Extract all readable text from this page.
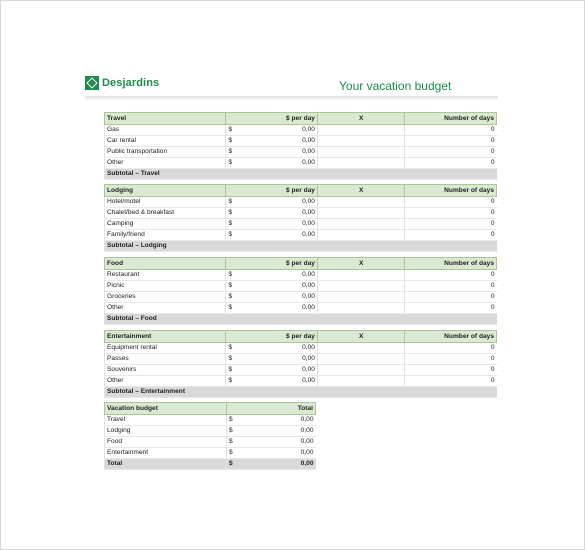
Desjardins	Your vacation budget
Travel	$ per day	X	Number of days
Gas	$ 0,00		0
Car rental	$ 0,00		0
Public transportation	$ 0,00		0
Other	$ 0,00		0
Subtotal – Travel			
Lodging	$ per day	X	Number of days
Hotel/motel	$ 0,00		0
Chalet/bed & breakfast	$ 0,00		0
Camping	$ 0,00		0
Family/friend	$ 0,00		0
Subtotal – Lodging			
Food	$ per day	X	Number of days
Restaurant	$ 0,00		0
Picnic	$ 0,00		0
Groceries	$ 0,00		0
Other	$ 0,00		0
Subtotal – Food			
Entertainment	$ per day	X	Number of days
Equipment rental	$ 0,00		0
Passes	$ 0,00		0
Souvenirs	$ 0,00		0
Other	$ 0,00		0
Subtotal – Entertainment			
Vacation budget	Total
Travel	$ 0,00

Lodging	$ 0,00

Food	$ 0,00

Entertainment	$ 0,00

Total	$ 0,00
